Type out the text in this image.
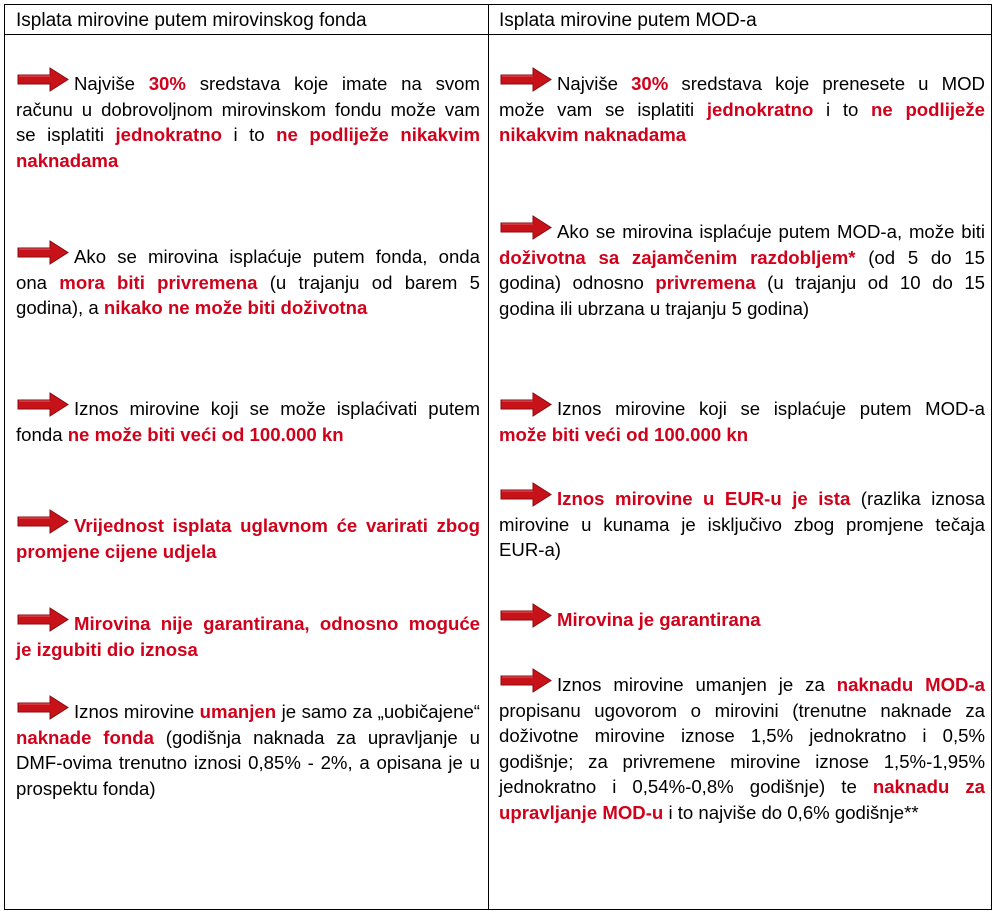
Isplata mirovine putem mirovinskog fonda	Isplata mirovine putem MOD-a
Najviše 30% sredstava koje imate na svom računu u dobrovoljnom mirovinskom fondu može vam se isplatiti jednokratno i to ne podliježe nikakvim naknadama
Ako se mirovina isplaćuje putem fonda, onda ona mora biti privremena (u trajanju od barem 5 godina), a nikako ne može biti doživotna
Iznos mirovine koji se može isplaćivati putem fonda ne može biti veći od 100.000 kn
Vrijednost isplata uglavnom će varirati zbog promjene cijene udjela
Mirovina nije garantirana, odnosno moguće je izgubiti dio iznosa
Iznos mirovine umanjen je samo za „uobičajene“ naknade fonda (godišnja naknada za upravljanje u DMF-ovima trenutno iznosi 0,85% - 2%, a opisana je u prospektu fonda)
Najviše 30% sredstava koje prenesete u MOD može vam se isplatiti jednokratno i to ne podliježe nikakvim naknadama
Ako se mirovina isplaćuje putem MOD-a, može biti doživotna sa zajamčenim razdobljem* (od 5 do 15 godina) odnosno privremena (u trajanju od 10 do 15 godina ili ubrzana u trajanju 5 godina)
Iznos mirovine koji se isplaćuje putem MOD-a može biti veći od 100.000 kn
Iznos mirovine u EUR-u je ista (razlika iznosa mirovine u kunama je isključivo zbog promjene tečaja EUR-a)
Mirovina je garantirana
Iznos mirovine umanjen je za naknadu MOD-a propisanu ugovorom o mirovini (trenutne naknade za doživotne mirovine iznose 1,5% jednokratno i 0,5% godišnje; za privremene mirovine iznose 1,5%-1,95% jednokratno i 0,54%-0,8% godišnje) te naknadu za upravljanje MOD-u i to najviše do 0,6% godišnje**
